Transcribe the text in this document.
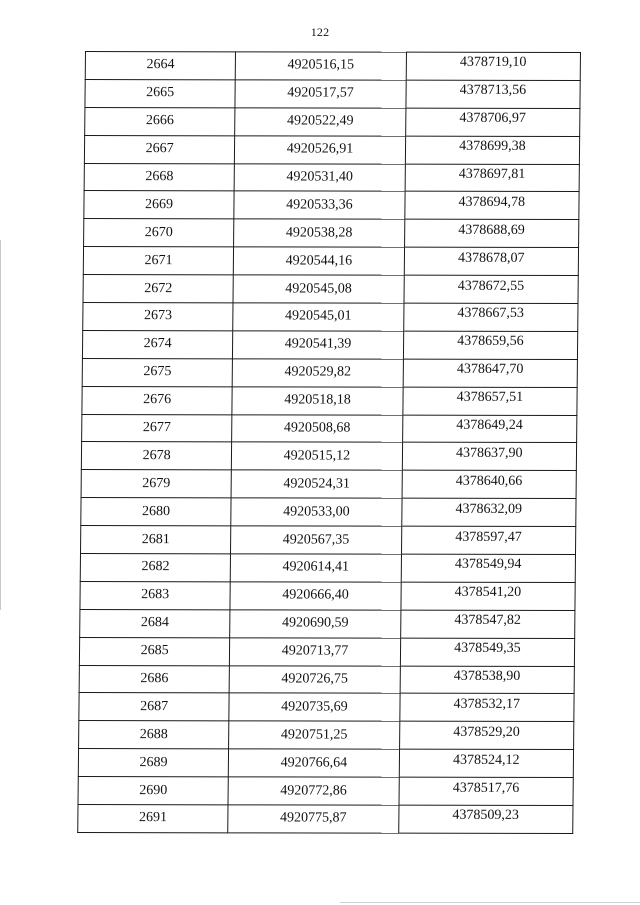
122
2664	4920516,15	4378719,10
2665	4920517,57	4378713,56
2666	4920522,49	4378706,97
2667	4920526,91	4378699,38
2668	4920531,40	4378697,81
2669	4920533,36	4378694,78
2670	4920538,28	4378688,69
2671	4920544,16	4378678,07
2672	4920545,08	4378672,55
2673	4920545,01	4378667,53
2674	4920541,39	4378659,56
2675	4920529,82	4378647,70
2676	4920518,18	4378657,51
2677	4920508,68	4378649,24
2678	4920515,12	4378637,90
2679	4920524,31	4378640,66
2680	4920533,00	4378632,09
2681	4920567,35	4378597,47
2682	4920614,41	4378549,94
2683	4920666,40	4378541,20
2684	4920690,59	4378547,82
2685	4920713,77	4378549,35
2686	4920726,75	4378538,90
2687	4920735,69	4378532,17
2688	4920751,25	4378529,20
2689	4920766,64	4378524,12
2690	4920772,86	4378517,76
2691	4920775,87	4378509,23
